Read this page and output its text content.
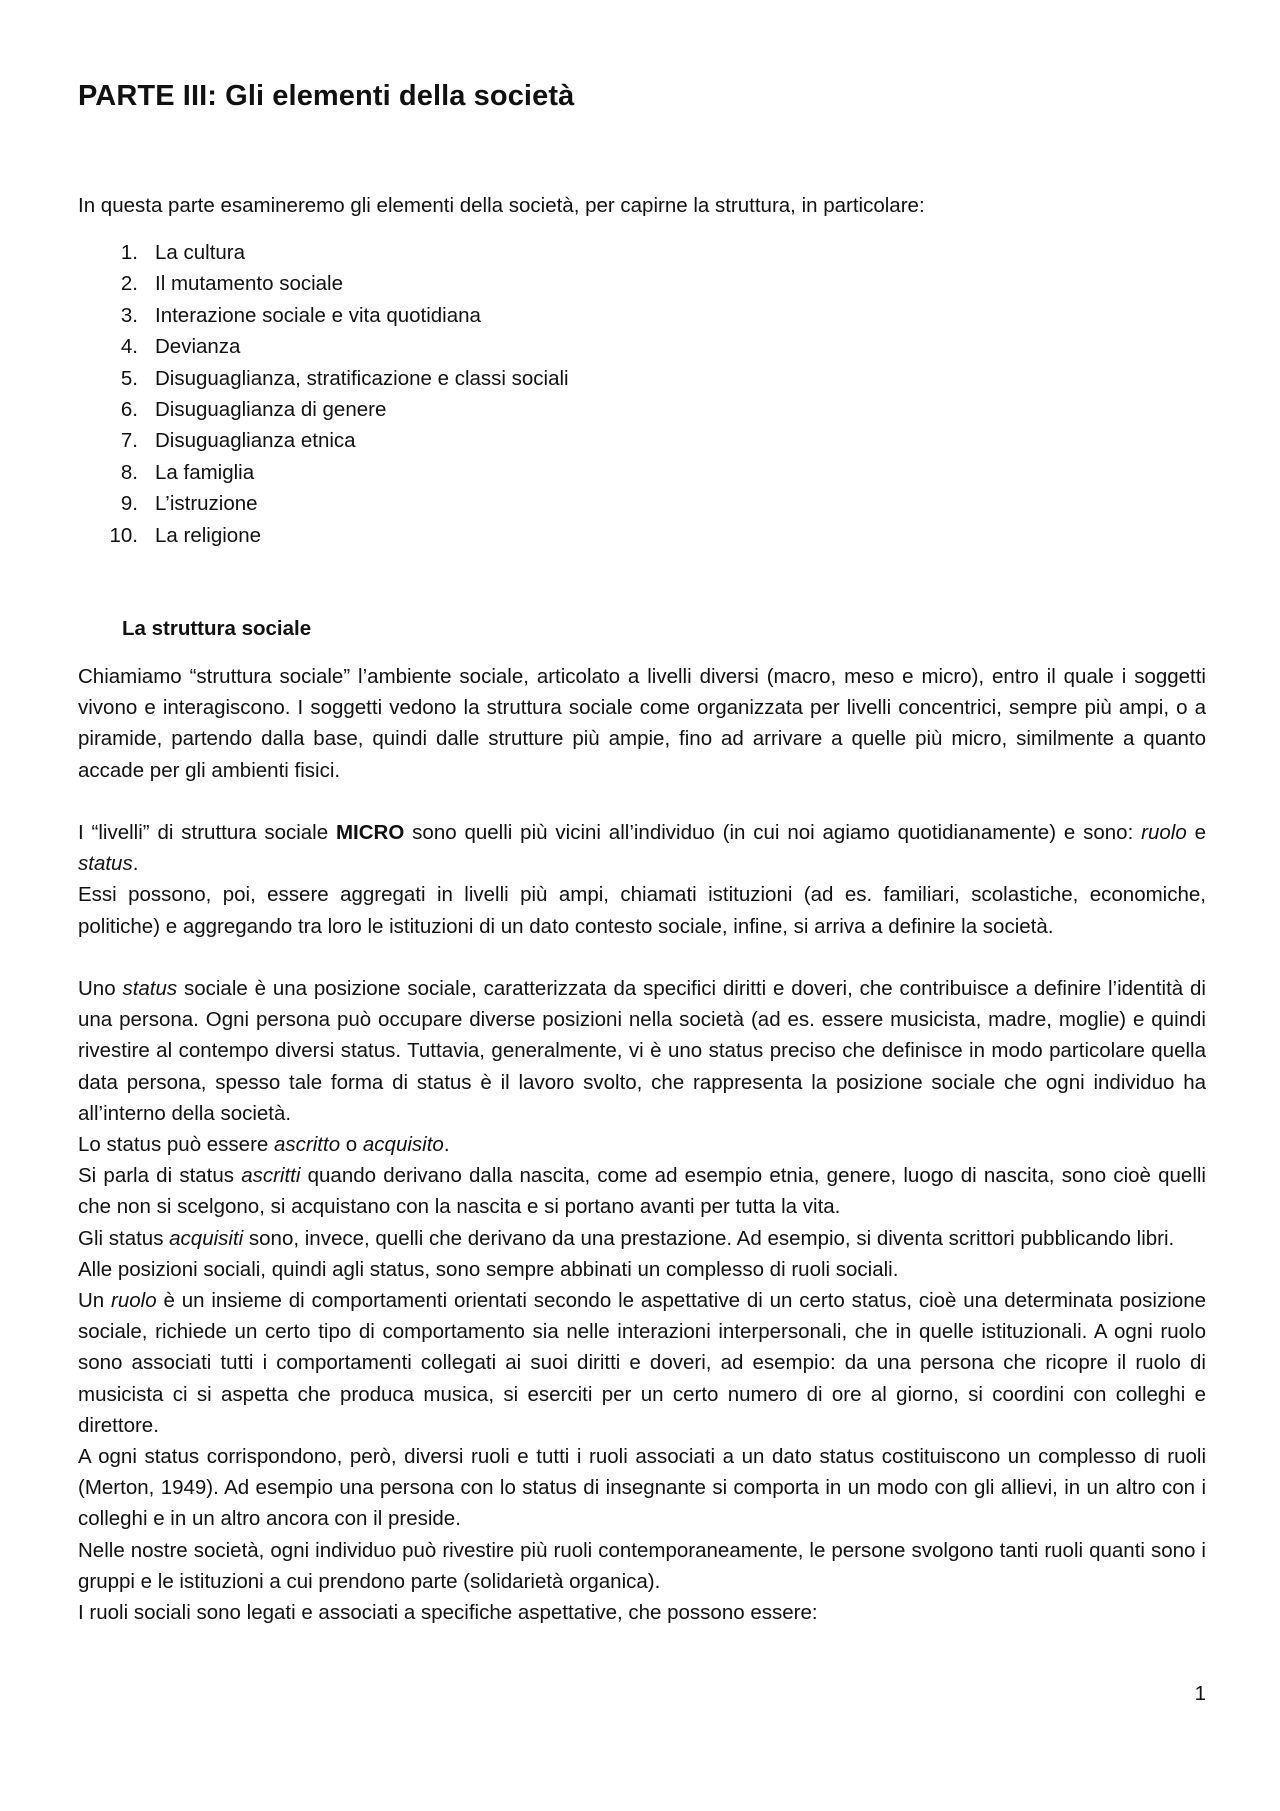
PARTE III: Gli elementi della società

In questa parte esamineremo gli elementi della società, per capirne la struttura, in particolare:

1. La cultura
2. Il mutamento sociale
3. Interazione sociale e vita quotidiana
4. Devianza
5. Disuguaglianza, stratificazione e classi sociali
6. Disuguaglianza di genere
7. Disuguaglianza etnica
8. La famiglia
9. L’istruzione
10. La religione
La struttura sociale

Chiamiamo “struttura sociale” l’ambiente sociale, articolato a livelli diversi (macro, meso e micro), entro il quale i soggetti vivono e interagiscono. I soggetti vedono la struttura sociale come organizzata per livelli concentrici, sempre più ampi, o a piramide, partendo dalla base, quindi dalle strutture più ampie, fino ad arrivare a quelle più micro, similmente a quanto accade per gli ambienti fisici.

I “livelli” di struttura sociale MICRO sono quelli più vicini all’individuo (in cui noi agiamo quotidianamente) e sono: ruolo e status.

Essi possono, poi, essere aggregati in livelli più ampi, chiamati istituzioni (ad es. familiari, scolastiche, economiche, politiche) e aggregando tra loro le istituzioni di un dato contesto sociale, infine, si arriva a definire la società.

Uno status sociale è una posizione sociale, caratterizzata da specifici diritti e doveri, che contribuisce a definire l’identità di una persona. Ogni persona può occupare diverse posizioni nella società (ad es. essere musicista, madre, moglie) e quindi rivestire al contempo diversi status. Tuttavia, generalmente, vi è uno status preciso che definisce in modo particolare quella data persona, spesso tale forma di status è il lavoro svolto, che rappresenta la posizione sociale che ogni individuo ha all’interno della società.

Lo status può essere ascritto o acquisito.

Si parla di status ascritti quando derivano dalla nascita, come ad esempio etnia, genere, luogo di nascita, sono cioè quelli che non si scelgono, si acquistano con la nascita e si portano avanti per tutta la vita.

Gli status acquisiti sono, invece, quelli che derivano da una prestazione. Ad esempio, si diventa scrittori pubblicando libri.

Alle posizioni sociali, quindi agli status, sono sempre abbinati un complesso di ruoli sociali.

Un ruolo è un insieme di comportamenti orientati secondo le aspettative di un certo status, cioè una determinata posizione sociale, richiede un certo tipo di comportamento sia nelle interazioni interpersonali, che in quelle istituzionali. A ogni ruolo sono associati tutti i comportamenti collegati ai suoi diritti e doveri, ad esempio: da una persona che ricopre il ruolo di musicista ci si aspetta che produca musica, si eserciti per un certo numero di ore al giorno, si coordini con colleghi e direttore.

A ogni status corrispondono, però, diversi ruoli e tutti i ruoli associati a un dato status costituiscono un complesso di ruoli (Merton, 1949). Ad esempio una persona con lo status di insegnante si comporta in un modo con gli allievi, in un altro con i colleghi e in un altro ancora con il preside.

Nelle nostre società, ogni individuo può rivestire più ruoli contemporaneamente, le persone svolgono tanti ruoli quanti sono i gruppi e le istituzioni a cui prendono parte (solidarietà organica).

I ruoli sociali sono legati e associati a specifiche aspettative, che possono essere:

1
